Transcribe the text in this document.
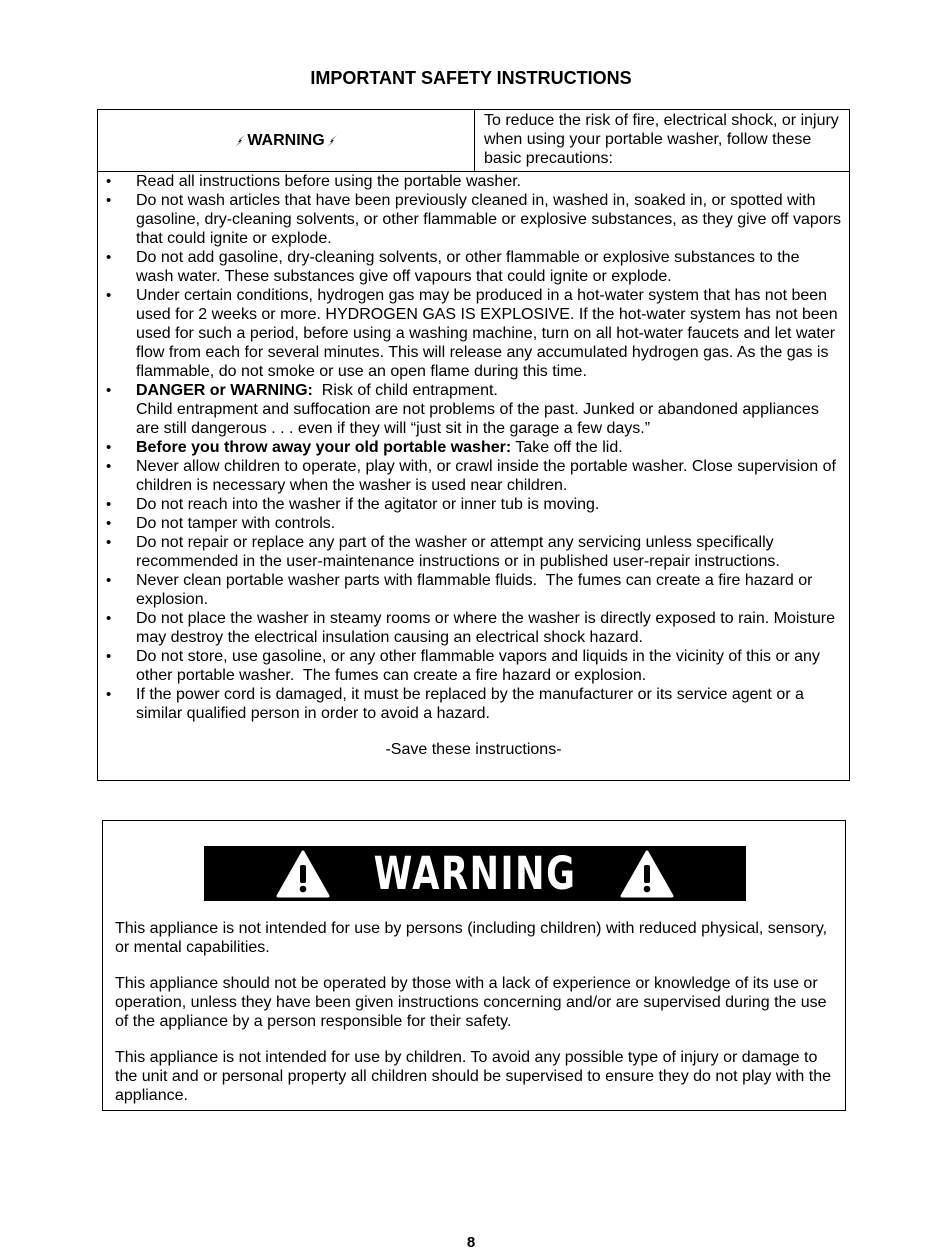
IMPORTANT SAFETY INSTRUCTIONS
WARNING
To reduce the risk of fire, electrical shock, or injury when using your portable washer, follow these basic precautions:
• Read all instructions before using the portable washer.
• Do not wash articles that have been previously cleaned in, washed in, soaked in, or spotted with gasoline, dry-cleaning solvents, or other flammable or explosive substances, as they give off vapors that could ignite or explode.
• Do not add gasoline, dry-cleaning solvents, or other flammable or explosive substances to the wash water. These substances give off vapours that could ignite or explode.
• Under certain conditions, hydrogen gas may be produced in a hot-water system that has not been used for 2 weeks or more. HYDROGEN GAS IS EXPLOSIVE. If the hot-water system has not been used for such a period, before using a washing machine, turn on all hot-water faucets and let water flow from each for several minutes. This will release any accumulated hydrogen gas. As the gas is flammable, do not smoke or use an open flame during this time.
• DANGER or WARNING:  Risk of child entrapment.
Child entrapment and suffocation are not problems of the past. Junked or abandoned appliances are still dangerous . . . even if they will “just sit in the garage a few days.”
• Before you throw away your old portable washer: Take off the lid.
• Never allow children to operate, play with, or crawl inside the portable washer. Close supervision of children is necessary when the washer is used near children.
• Do not reach into the washer if the agitator or inner tub is moving.
• Do not tamper with controls.
• Do not repair or replace any part of the washer or attempt any servicing unless specifically recommended in the user-maintenance instructions or in published user-repair instructions.
• Never clean portable washer parts with flammable fluids.  The fumes can create a fire hazard or explosion.
• Do not place the washer in steamy rooms or where the washer is directly exposed to rain. Moisture may destroy the electrical insulation causing an electrical shock hazard.
• Do not store, use gasoline, or any other flammable vapors and liquids in the vicinity of this or any other portable washer.  The fumes can create a fire hazard or explosion.
• If the power cord is damaged, it must be replaced by the manufacturer or its service agent or a similar qualified person in order to avoid a hazard.
-Save these instructions-
WARNING

This appliance is not intended for use by persons (including children) with reduced physical, sensory, or mental capabilities.

This appliance should not be operated by those with a lack of experience or knowledge of its use or operation, unless they have been given instructions concerning and/or are supervised during the use of the appliance by a person responsible for their safety.

This appliance is not intended for use by children. To avoid any possible type of injury or damage to the unit and or personal property all children should be supervised to ensure they do not play with the appliance.

8
